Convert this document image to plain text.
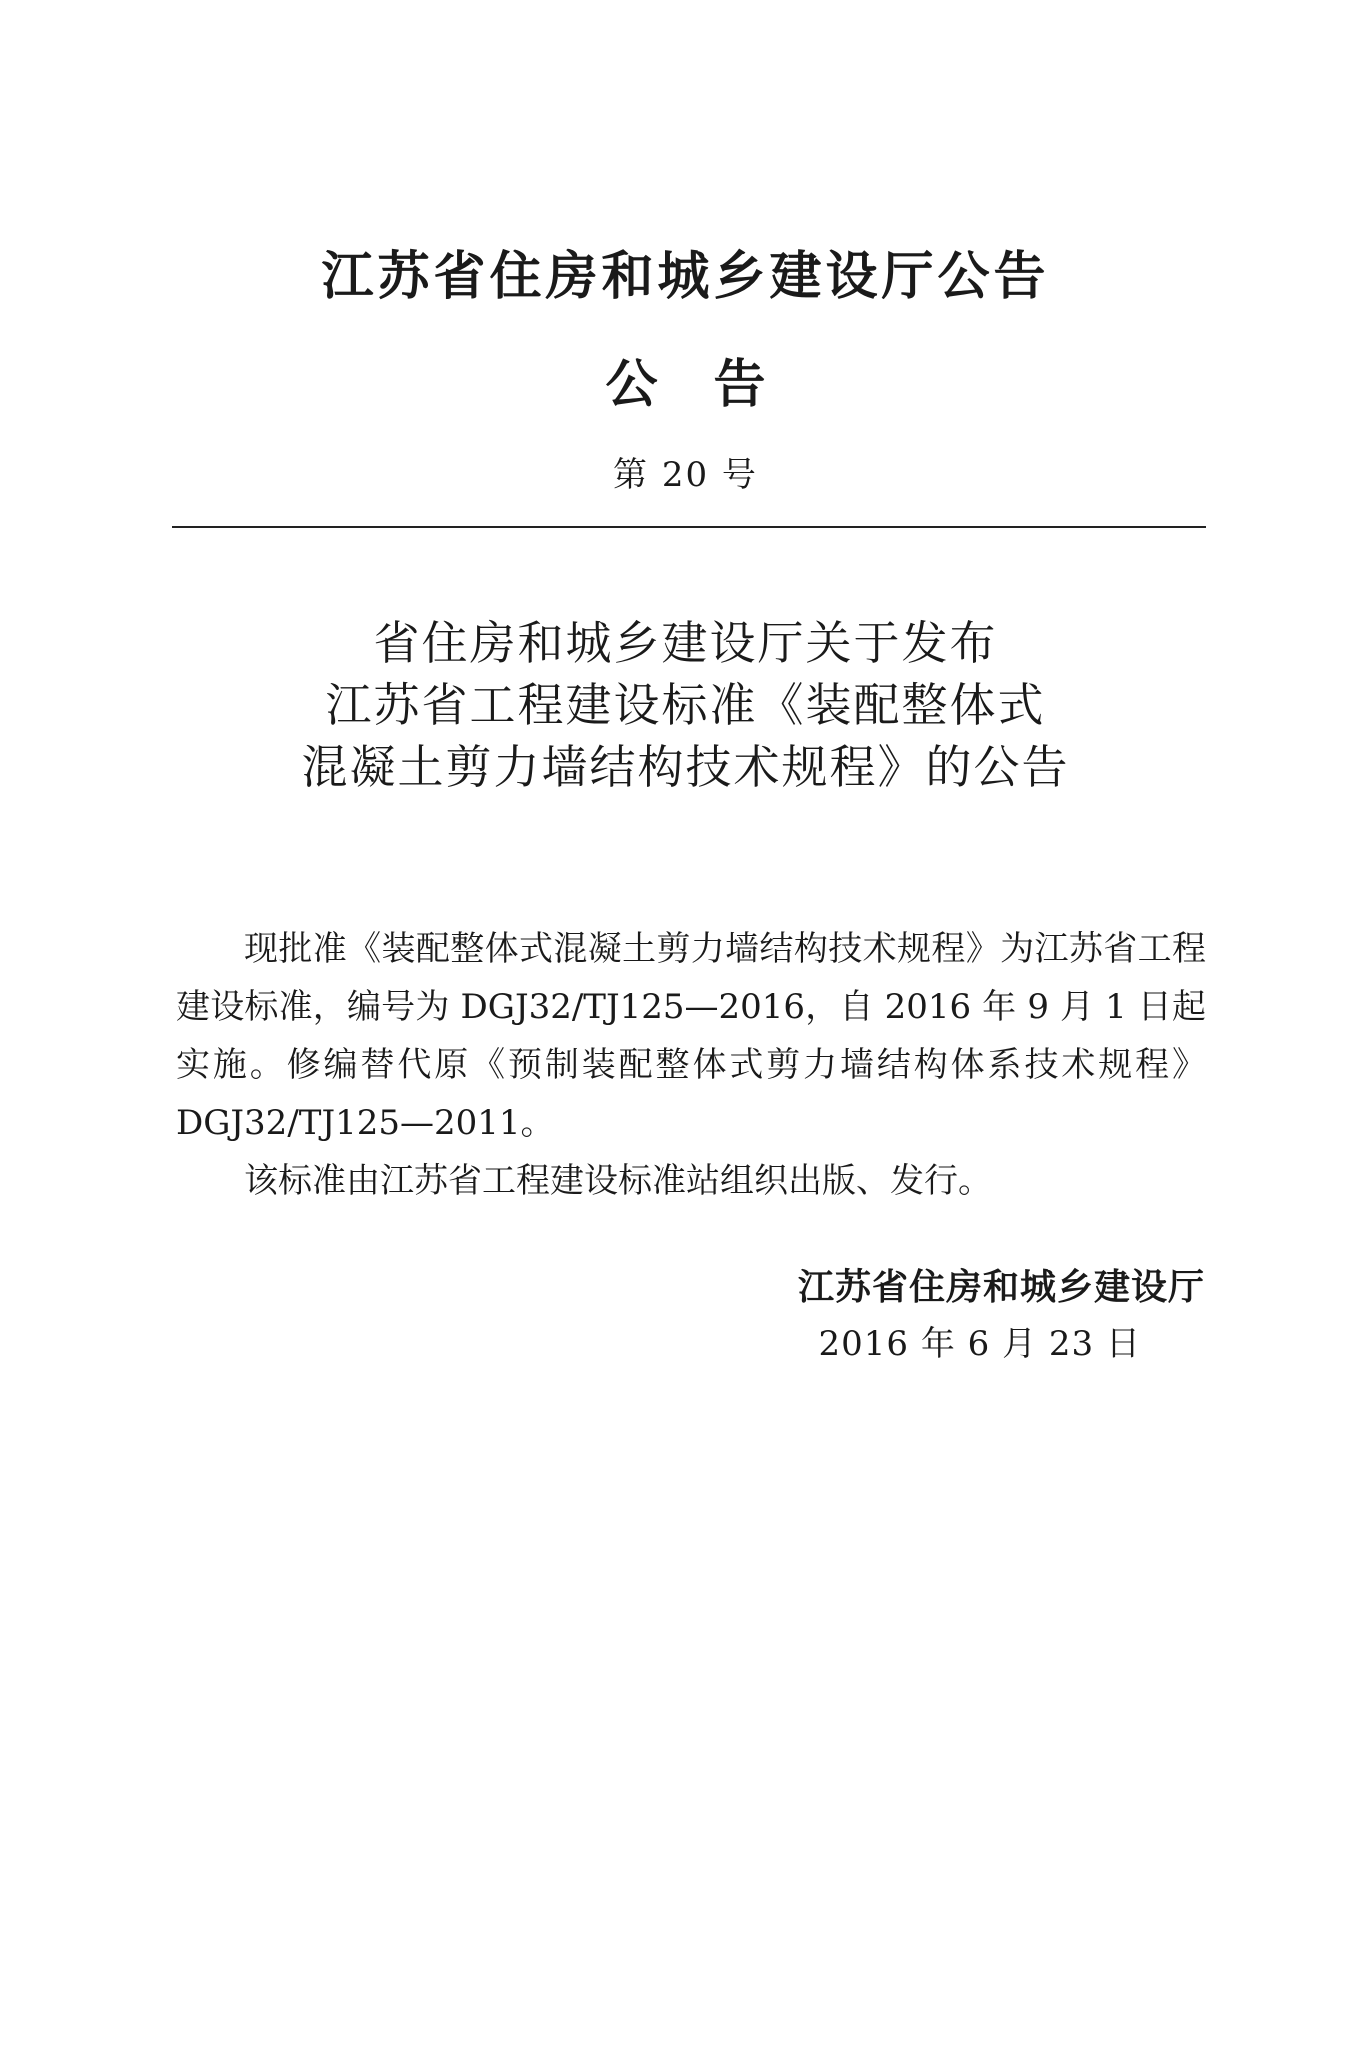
江苏省住房和城乡建设厅公告
公告
第 20 号
省住房和城乡建设厅关于发布
江苏省工程建设标准《装配整体式
混凝土剪力墙结构技术规程》的公告

现批准《装配整体式混凝土剪力墙结构技术规程》为江苏省工程建设标准，编号为 DGJ32/TJ125—2016，自 2016 年 9 月 1 日起实施。修编替代原《预制装配整体式剪力墙结构体系技术规程》DGJ32/TJ125—2011。

该标准由江苏省工程建设标准站组织出版、发行。

江苏省住房和城乡建设厅
2016 年 6 月 23 日
